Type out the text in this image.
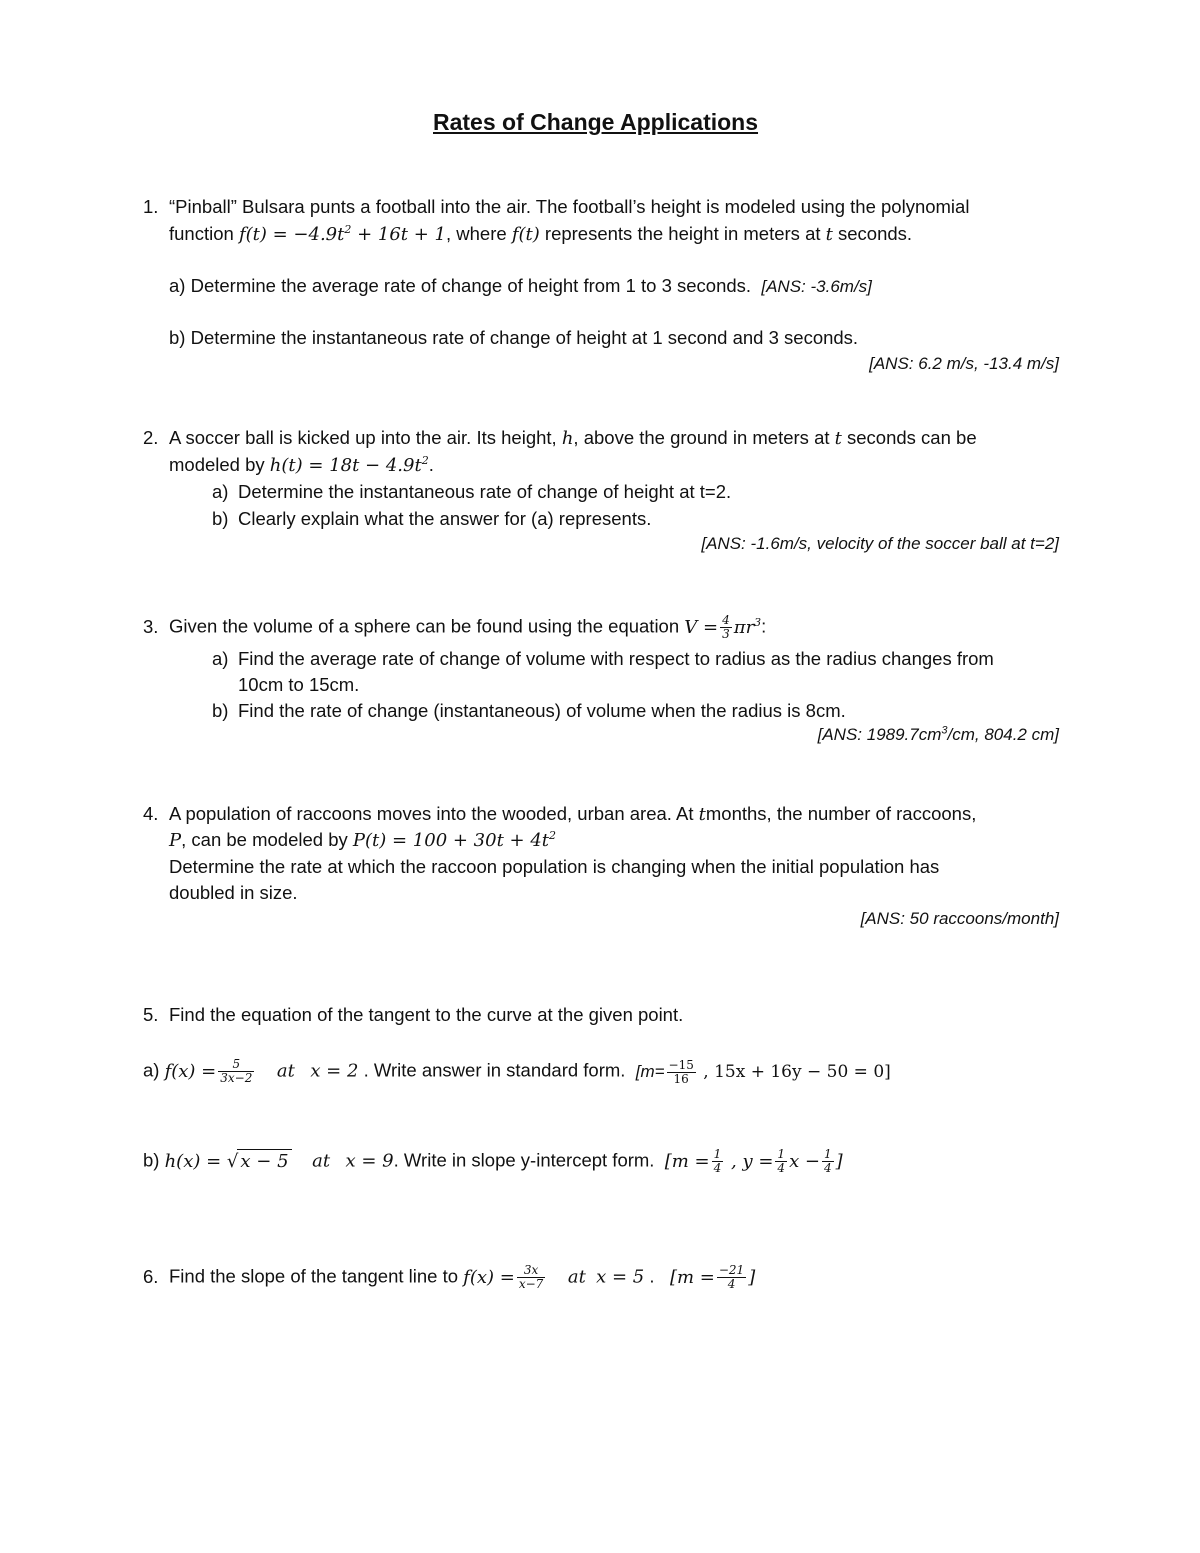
Rates of Change Applications
1. “Pinball” Bulsara punts a football into the air. The football’s height is modeled using the polynomial
function $f(t) = -4.9t^2 + 16t + 1$, where f(t) represents the height in meters at t seconds.
a) Determine the average rate of change of height from 1 to 3 seconds. [ANS: -3.6m/s]
b) Determine the instantaneous rate of change of height at 1 second and 3 seconds.
[ANS: 6.2 m/s, -13.4 m/s]
2. A soccer ball is kicked up into the air. Its height, h, above the ground in meters at t seconds can be
modeled by $h(t) = 18t - 4.9t^2$.
a) Determine the instantaneous rate of change of height at t=2.
b) Clearly explain what the answer for (a) represents.
[ANS: -1.6m/s, velocity of the soccer ball at t=2]
3. Given the volume of a sphere can be found using the equation $V = \frac{4}{3} \pi r^3$:
a) Find the average rate of change of volume with respect to radius as the radius changes from
10cm to 15cm.
b) Find the rate of change (instantaneous) of volume when the radius is 8cm.
[ANS: $1989.7cm^3/cm$, 804.2 cm]
4. A population of raccoons moves into the wooded, urban area. At tmonths, the number of raccoons,
P, can be modeled by $P(t) = 100 + 30t + 4t^2$
Determine the rate at which the raccoon population is changing when the initial population has
doubled in size.
[ANS: 50 raccoons/month]
5. Find the equation of the tangent to the curve at the given point.
a) $f(x) = \frac{5}{3x-2}$ at x = 2 . Write answer in standard form. [$m= \frac{-15}{16}$ , 15x + 16y − 50 = 0]
b) h(x) = √ x − 5 at x = 9. Write in slope y-intercept form. [$m = \frac{1}{4}$ , $y = \frac{1}{4}$ $x - \frac{1}{4}$ ]
6. Find the slope of the tangent line to $f(x) = \frac{3x}{x-7}$ at x = 5 . [$m = \frac{-21}{4}$ ]
